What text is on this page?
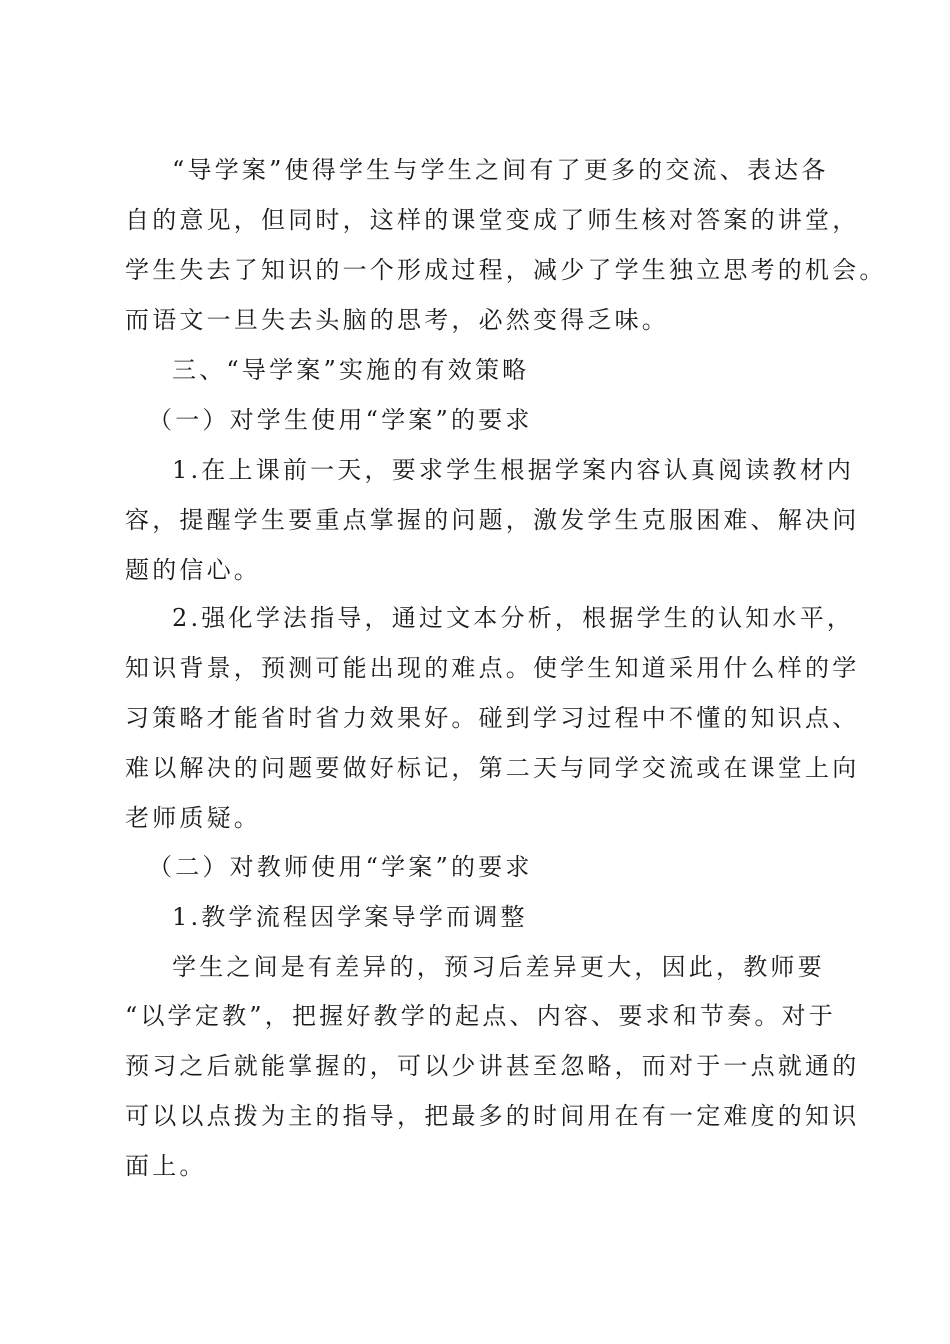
“导学案”使得学生与学生之间有了更多的交流、表达各
自的意见，但同时，这样的课堂变成了师生核对答案的讲堂，
学生失去了知识的一个形成过程，减少了学生独立思考的机会。
而语文一旦失去头脑的思考，必然变得乏味。
三、“导学案”实施的有效策略
（一）对学生使用“学案”的要求
1.在上课前一天，要求学生根据学案内容认真阅读教材内
容，提醒学生要重点掌握的问题，激发学生克服困难、解决问
题的信心。
2.强化学法指导，通过文本分析，根据学生的认知水平，
知识背景，预测可能出现的难点。使学生知道采用什么样的学
习策略才能省时省力效果好。碰到学习过程中不懂的知识点、
难以解决的问题要做好标记，第二天与同学交流或在课堂上向
老师质疑。
（二）对教师使用“学案”的要求
1.教学流程因学案导学而调整
学生之间是有差异的，预习后差异更大，因此，教师要
“以学定教”，把握好教学的起点、内容、要求和节奏。对于
预习之后就能掌握的，可以少讲甚至忽略，而对于一点就通的
可以以点拨为主的指导，把最多的时间用在有一定难度的知识
面上。
